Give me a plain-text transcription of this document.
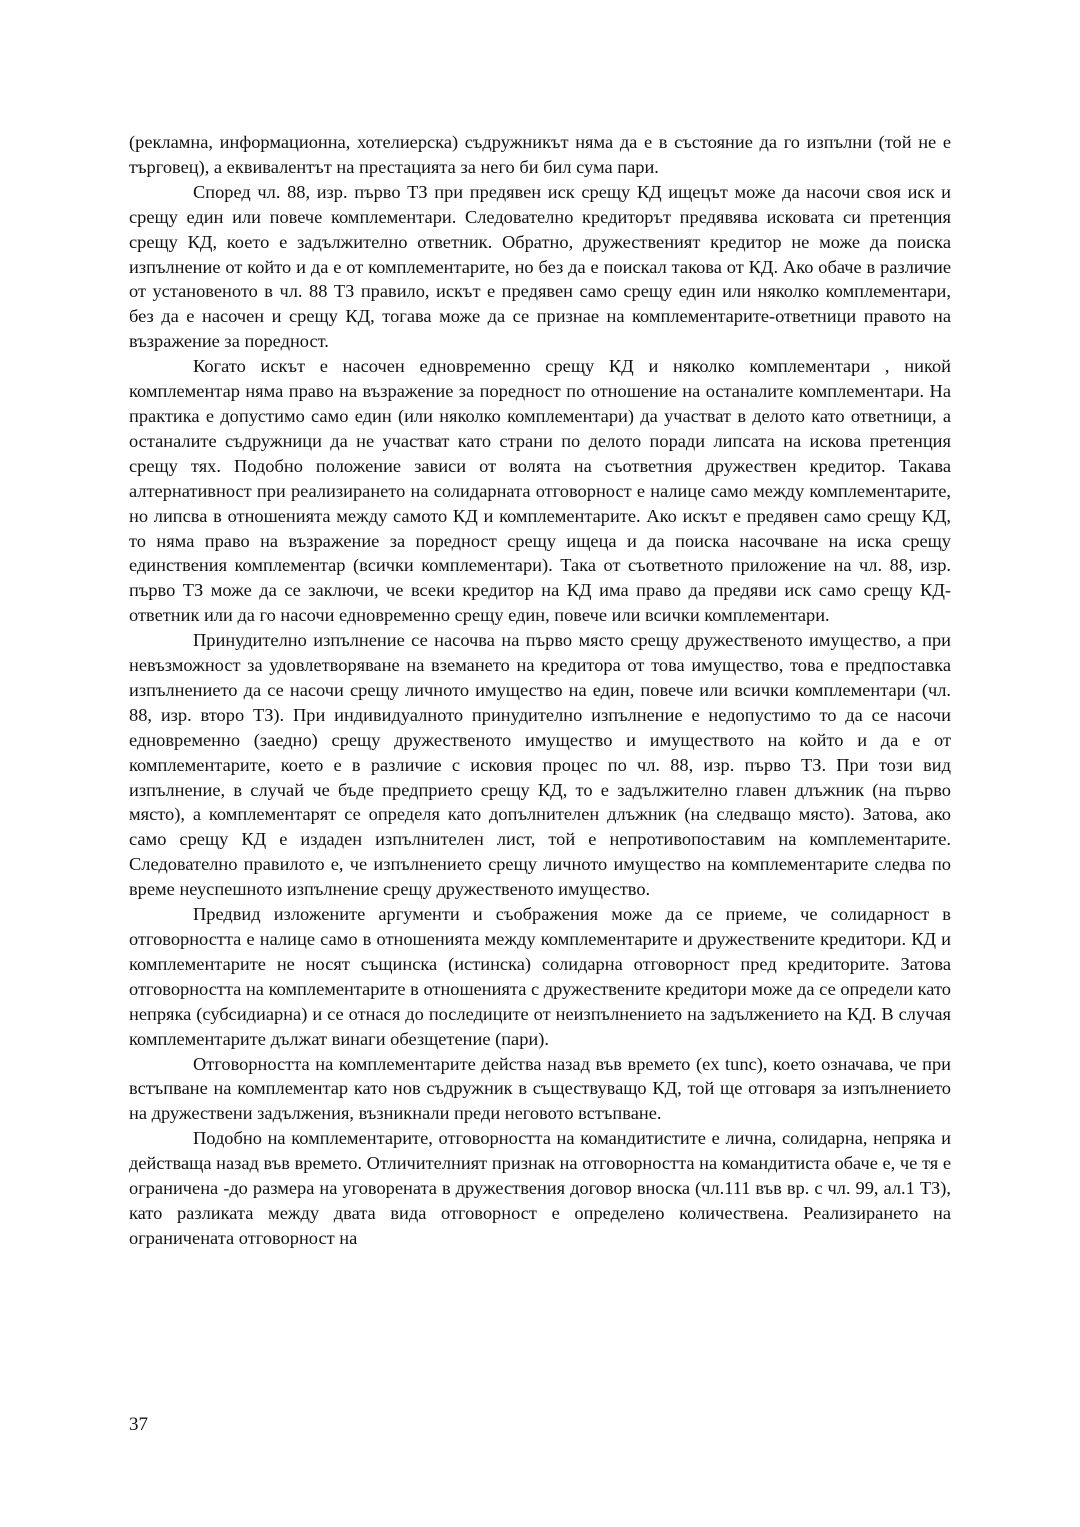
(рекламна, информационна, хотелиерска) съдружникът няма да е в състояние да го изпълни (той не е търговец), а еквивалентът на престацията за него би бил сума пари.

Според чл. 88, изр. първо ТЗ при предявен иск срещу КД ищецът може да насочи своя иск и срещу един или повече комплементари. Следователно кредиторът предявява исковата си претенция срещу КД, което е задължително ответник. Обратно, дружественият кредитор не може да поиска изпълнение от който и да е от комплементарите, но без да е поискал такова от КД. Ако обаче в различие от установеното в чл. 88 ТЗ правило, искът е предявен само срещу един или няколко комплементари, без да е насочен и срещу КД, тогава може да се признае на комплементарите-ответници правото на възражение за поредност.

Когато искът е насочен едновременно срещу КД и няколко комплементари , никой комплементар няма право на възражение за поредност по отношение на останалите комплементари. На практика е допустимо само един (или няколко комплементари) да участват в делото като ответници, а останалите съдружници да не участват като страни по делото поради липсата на искова претенция срещу тях. Подобно положение зависи от волята на съответния дружествен кредитор. Такава алтернативност при реализирането на солидарната отговорност е налице само между комплементарите, но липсва в отношенията между самото КД и комплементарите. Ако искът е предявен само срещу КД, то няма право на възражение за поредност срещу ищеца и да поиска насочване на иска срещу единствения комплементар (всички комплементари). Така от съответното приложение на чл. 88, изр. първо ТЗ може да се заключи, че всеки кредитор на КД има право да предяви иск само срещу КД-ответник или да го насочи едновременно срещу един, повече или всички комплементари.

Принудително изпълнение се насочва на първо място срещу дружественото имущество, а при невъзможност за удовлетворяване на вземането на кредитора от това имущество, това е предпоставка изпълнението да се насочи срещу личното имущество на един, повече или всички комплементари (чл. 88, изр. второ ТЗ). При индивидуалното принудително изпълнение е недопустимо то да се насочи едновременно (заедно) срещу дружественото имущество и имуществото на който и да е от комплементарите, което е в различие с исковия процес по чл. 88, изр. първо ТЗ. При този вид изпълнение, в случай че бъде предприето срещу КД, то е задължително главен длъжник (на първо място), а комплементарят се определя като допълнителен длъжник (на следващо място). Затова, ако само срещу КД е издаден изпълнителен лист, той е непротивопоставим на комплементарите. Следователно правилото е, че изпълнението срещу личното имущество на комплементарите следва по време неуспешното изпълнение срещу дружественото имущество.

Предвид изложените аргументи и съображения може да се приеме, че солидарност в отговорността е налице само в отношенията между комплементарите и дружествените кредитори. КД и комплементарите не носят същинска (истинска) солидарна отговорност пред кредиторите. Затова отговорността на комплементарите в отношенията с дружествените кредитори може да се определи като непряка (субсидиарна) и се отнася до последиците от неизпълнението на задължението на КД. В случая комплементарите дължат винаги обезщетение (пари).

Отговорността на комплементарите действа назад във времето (ex tunc), което означава, че при встъпване на комплементар като нов съдружник в съществуващо КД, той ще отговаря за изпълнението на дружествени задължения, възникнали преди неговото встъпване.

Подобно на комплементарите, отговорността на командитистите е лична, солидарна, непряка и действаща назад във времето. Отличителният признак на отговорността на командитиста обаче е, че тя е ограничена -до размера на уговорената в дружествения договор вноска (чл.111 във вр. с чл. 99, ал.1 ТЗ), като разликата между двата вида отговорност е определено количествена. Реализирането на ограничената отговорност на

37
